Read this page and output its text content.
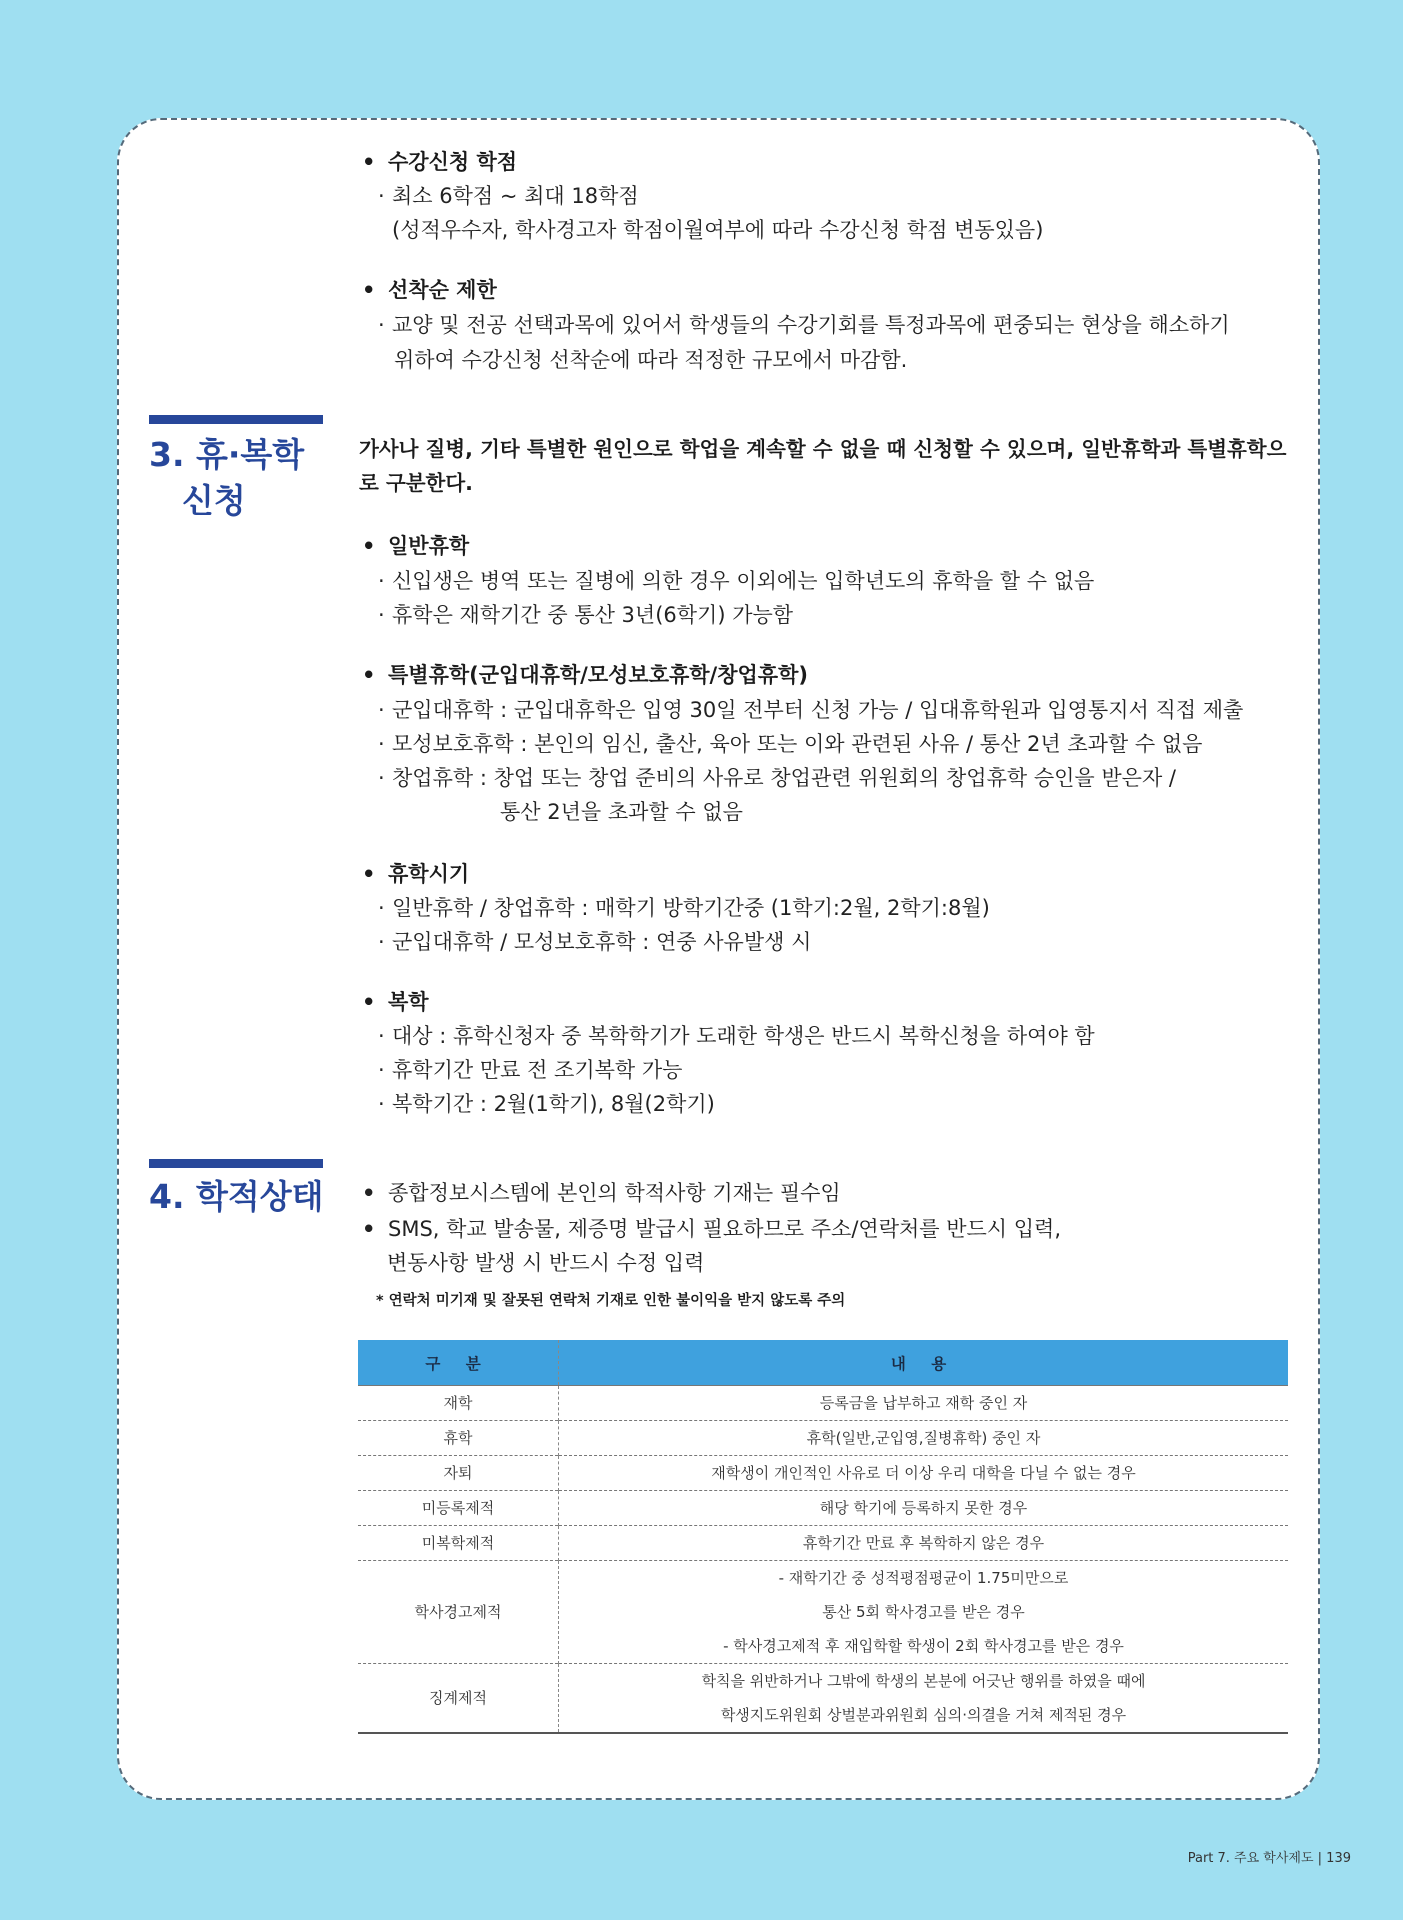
• 수강신청 학점
· 최소 6학점 ~ 최대 18학점
(성적우수자, 학사경고자 학점이월여부에 따라 수강신청 학점 변동있음)
• 선착순 제한
· 교양 및 전공 선택과목에 있어서 학생들의 수강기회를 특정과목에 편중되는 현상을 해소하기
위하여 수강신청 선착순에 따라 적정한 규모에서 마감함.
3. 휴·복학
신청
가사나 질병, 기타 특별한 원인으로 학업을 계속할 수 없을 때 신청할 수 있으며, 일반휴학과 특별휴학으로 구분한다.
• 일반휴학
· 신입생은 병역 또는 질병에 의한 경우 이외에는 입학년도의 휴학을 할 수 없음
· 휴학은 재학기간 중 통산 3년(6학기) 가능함
• 특별휴학(군입대휴학/모성보호휴학/창업휴학)
· 군입대휴학 : 군입대휴학은 입영 30일 전부터 신청 가능 / 입대휴학원과 입영통지서 직접 제출
· 모성보호휴학 : 본인의 임신, 출산, 육아 또는 이와 관련된 사유 / 통산 2년 초과할 수 없음
· 창업휴학 : 창업 또는 창업 준비의 사유로 창업관련 위원회의 창업휴학 승인을 받은자 /
통산 2년을 초과할 수 없음
• 휴학시기
· 일반휴학 / 창업휴학 : 매학기 방학기간중 (1학기:2월, 2학기:8월)
· 군입대휴학 / 모성보호휴학 : 연중 사유발생 시
• 복학
· 대상 : 휴학신청자 중 복학학기가 도래한 학생은 반드시 복학신청을 하여야 함
· 휴학기간 만료 전 조기복학 가능
· 복학기간 : 2월(1학기), 8월(2학기)
4. 학적상태 • 종합정보시스템에 본인의 학적사항 기재는 필수임
• SMS, 학교 발송물, 제증명 발급시 필요하므로 주소/연락처를 반드시 입력,
변동사항 발생 시 반드시 수정 입력
* 연락처 미기재 및 잘못된 연락처 기재로 인한 불이익을 받지 않도록 주의
구 분	내 용
재학	등록금을 납부하고 재학 중인 자

휴학	휴학(일반,군입영,질병휴학) 중인 자

자퇴	재학생이 개인적인 사유로 더 이상 우리 대학을 다닐 수 없는 경우

미등록제적	해당 학기에 등록하지 못한 경우

미복학제적	휴학기간 만료 후 복학하지 않은 경우

학사경고제적	- 재학기간 중 성적평점평균이 1.75미만으로
통산 5회 학사경고를 받은 경우
- 학사경고제적 후 재입학할 학생이 2회 학사경고를 받은 경우

징계제적	학칙을 위반하거나 그밖에 학생의 본분에 어긋난 행위를 하였을 때에
학생지도위원회 상벌분과위원회 심의·의결을 거쳐 제적된 경우
Part 7. 주요 학사제도 | 139
